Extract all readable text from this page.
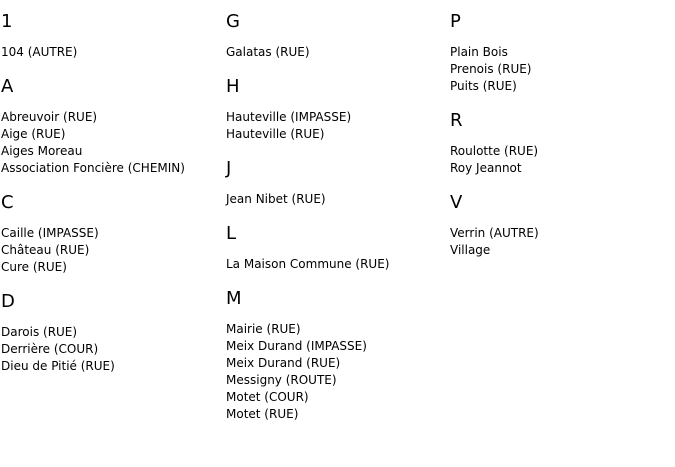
1
104 (AUTRE)
A
Abreuvoir (RUE)
Aige (RUE)
Aiges Moreau
Association Foncière (CHEMIN)
C
Caille (IMPASSE)
Château (RUE)
Cure (RUE)
D
Darois (RUE)
Derrière (COUR)
Dieu de Pitié (RUE)
G
Galatas (RUE)
H
Hauteville (IMPASSE)
Hauteville (RUE)
J
Jean Nibet (RUE)
L
La Maison Commune (RUE)
M
Mairie (RUE)
Meix Durand (IMPASSE)
Meix Durand (RUE)
Messigny (ROUTE)
Motet (COUR)
Motet (RUE)
P
Plain Bois
Prenois (RUE)
Puits (RUE)
R
Roulotte (RUE)
Roy Jeannot
V
Verrin (AUTRE)
Village
